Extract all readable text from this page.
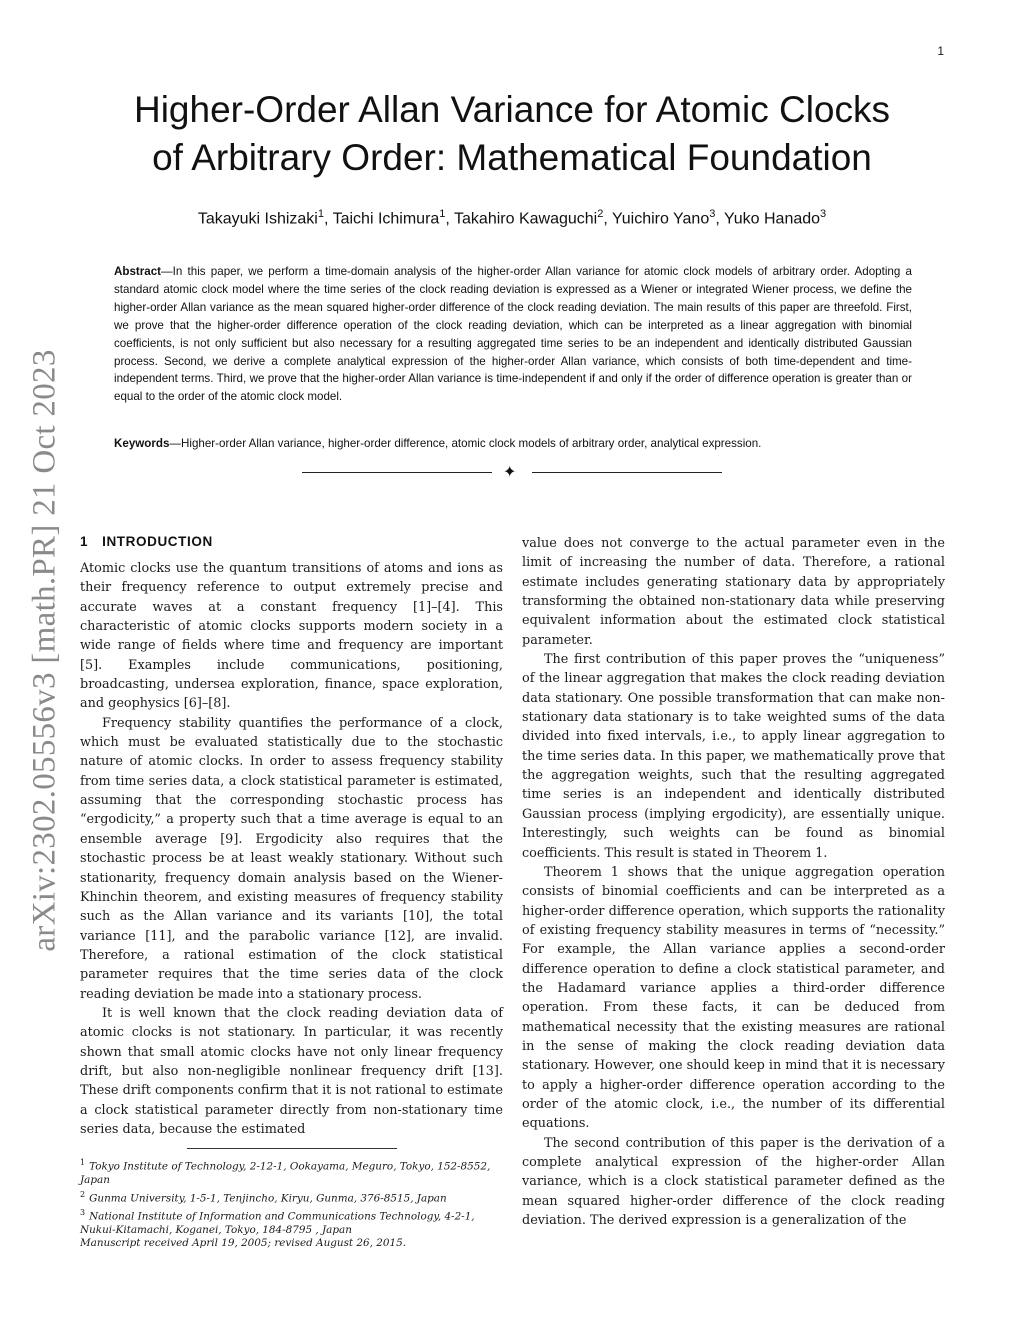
1
arXiv:2302.05556v3 [math.PR] 21 Oct 2023
Higher-Order Allan Variance for Atomic Clocks
of Arbitrary Order: Mathematical Foundation
Takayuki Ishizaki$^1$, Taichi Ichimura$^1$, Takahiro Kawaguchi$^2$, Yuichiro Yano$^3$, Yuko Hanado$^3$

Abstract—In this paper, we perform a time-domain analysis of the higher-order Allan variance for atomic clock models of arbitrary order. Adopting a standard atomic clock model where the time series of the clock reading deviation is expressed as a Wiener or integrated Wiener process, we define the higher-order Allan variance as the mean squared higher-order difference of the clock reading deviation. The main results of this paper are threefold. First, we prove that the higher-order difference operation of the clock reading deviation, which can be interpreted as a linear aggregation with binomial coefficients, is not only sufficient but also necessary for a resulting aggregated time series to be an independent and identically distributed Gaussian process. Second, we derive a complete analytical expression of the higher-order Allan variance, which consists of both time-dependent and time-independent terms. Third, we prove that the higher-order Allan variance is time-independent if and only if the order of difference operation is greater than or equal to the order of the atomic clock model.

Keywords—Higher-order Allan variance, higher-order difference, atomic clock models of arbitrary order, analytical expression.

✦
1 INTRODUCTION

Atomic clocks use the quantum transitions of atoms and ions as their frequency reference to output extremely precise and accurate waves at a constant frequency [1]–[4]. This characteristic of atomic clocks supports modern society in a wide range of fields where time and frequency are important [5]. Examples include communications, positioning, broadcasting, undersea exploration, finance, space exploration, and geophysics [6]–[8].

Frequency stability quantifies the performance of a clock, which must be evaluated statistically due to the stochastic nature of atomic clocks. In order to assess frequency stability from time series data, a clock statistical parameter is estimated, assuming that the corresponding stochastic process has “ergodicity,” a property such that a time average is equal to an ensemble average [9]. Ergodicity also requires that the stochastic process be at least weakly stationary. Without such stationarity, frequency domain analysis based on the Wiener-Khinchin theorem, and existing measures of frequency stability such as the Allan variance and its variants [10], the total variance [11], and the parabolic variance [12], are invalid. Therefore, a rational estimation of the clock statistical parameter requires that the time series data of the clock reading deviation be made into a stationary process.

It is well known that the clock reading deviation data of atomic clocks is not stationary. In particular, it was recently shown that small atomic clocks have not only linear frequency drift, but also non-negligible nonlinear frequency drift [13]. These drift components confirm that it is not rational to estimate a clock statistical parameter directly from non-stationary time series data, because the estimated

value does not converge to the actual parameter even in the limit of increasing the number of data. Therefore, a rational estimate includes generating stationary data by appropriately transforming the obtained non-stationary data while preserving equivalent information about the estimated clock statistical parameter.

The first contribution of this paper proves the “uniqueness” of the linear aggregation that makes the clock reading deviation data stationary. One possible transformation that can make non-stationary data stationary is to take weighted sums of the data divided into fixed intervals, i.e., to apply linear aggregation to the time series data. In this paper, we mathematically prove that the aggregation weights, such that the resulting aggregated time series is an independent and identically distributed Gaussian process (implying ergodicity), are essentially unique. Interestingly, such weights can be found as binomial coefficients. This result is stated in Theorem 1.

Theorem 1 shows that the unique aggregation operation consists of binomial coefficients and can be interpreted as a higher-order difference operation, which supports the rationality of existing frequency stability measures in terms of “necessity.” For example, the Allan variance applies a second-order difference operation to define a clock statistical parameter, and the Hadamard variance applies a third-order difference operation. From these facts, it can be deduced from mathematical necessity that the existing measures are rational in the sense of making the clock reading deviation data stationary. However, one should keep in mind that it is necessary to apply a higher-order difference operation according to the order of the atomic clock, i.e., the number of its differential equations.

The second contribution of this paper is the derivation of a complete analytical expression of the higher-order Allan variance, which is a clock statistical parameter defined as the mean squared higher-order difference of the clock reading deviation. The derived expression is a generalization of the

$^1$ Tokyo Institute of Technology, 2-12-1, Ookayama, Meguro, Tokyo, 152-8552, Japan

$^2$ Gunma University, 1-5-1, Tenjincho, Kiryu, Gunma, 376-8515, Japan

$^3$ National Institute of Information and Communications Technology, 4-2-1, Nukui-Kitamachi, Koganei, Tokyo, 184-8795 , Japan

Manuscript received April 19, 2005; revised August 26, 2015.
